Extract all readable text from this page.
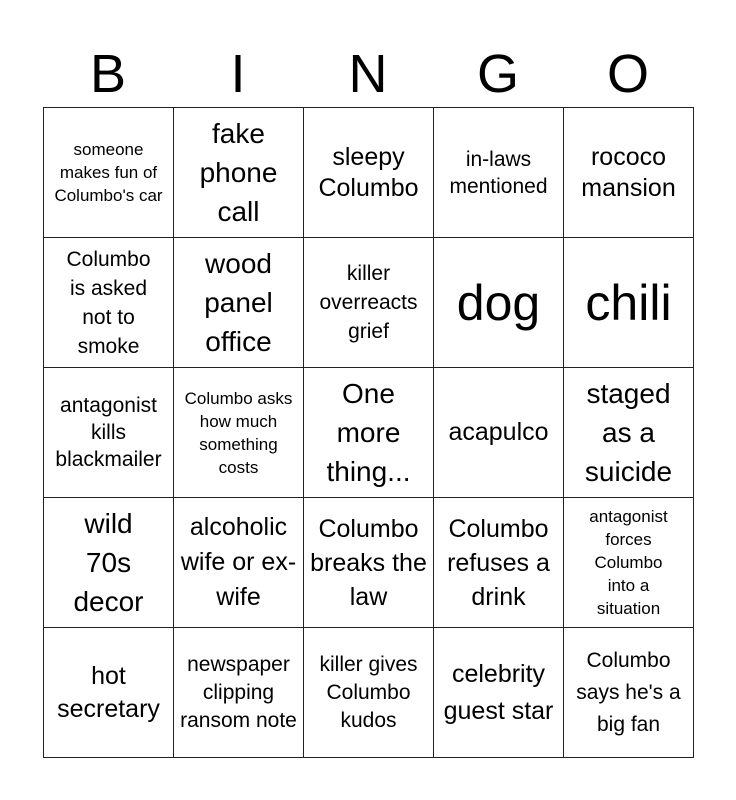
B	I	N	G	O
someone makes fun of Columbo's car
fake phone call
sleepy Columbo
in-laws mentioned
rococo mansion
Columbo is asked not to smoke
wood panel office
killer overreacts grief
dog chili
antagonist kills blackmailer
Columbo asks how much something costs
One more thing...
acapulco
staged as a suicide
wild 70s decor
alcoholic wife or ex-wife
Columbo breaks the law
Columbo refuses a drink
antagonist forces Columbo into a situation
hot secretary
newspaper clipping ransom note
killer gives Columbo kudos
celebrity guest star
Columbo says he's a big fan
